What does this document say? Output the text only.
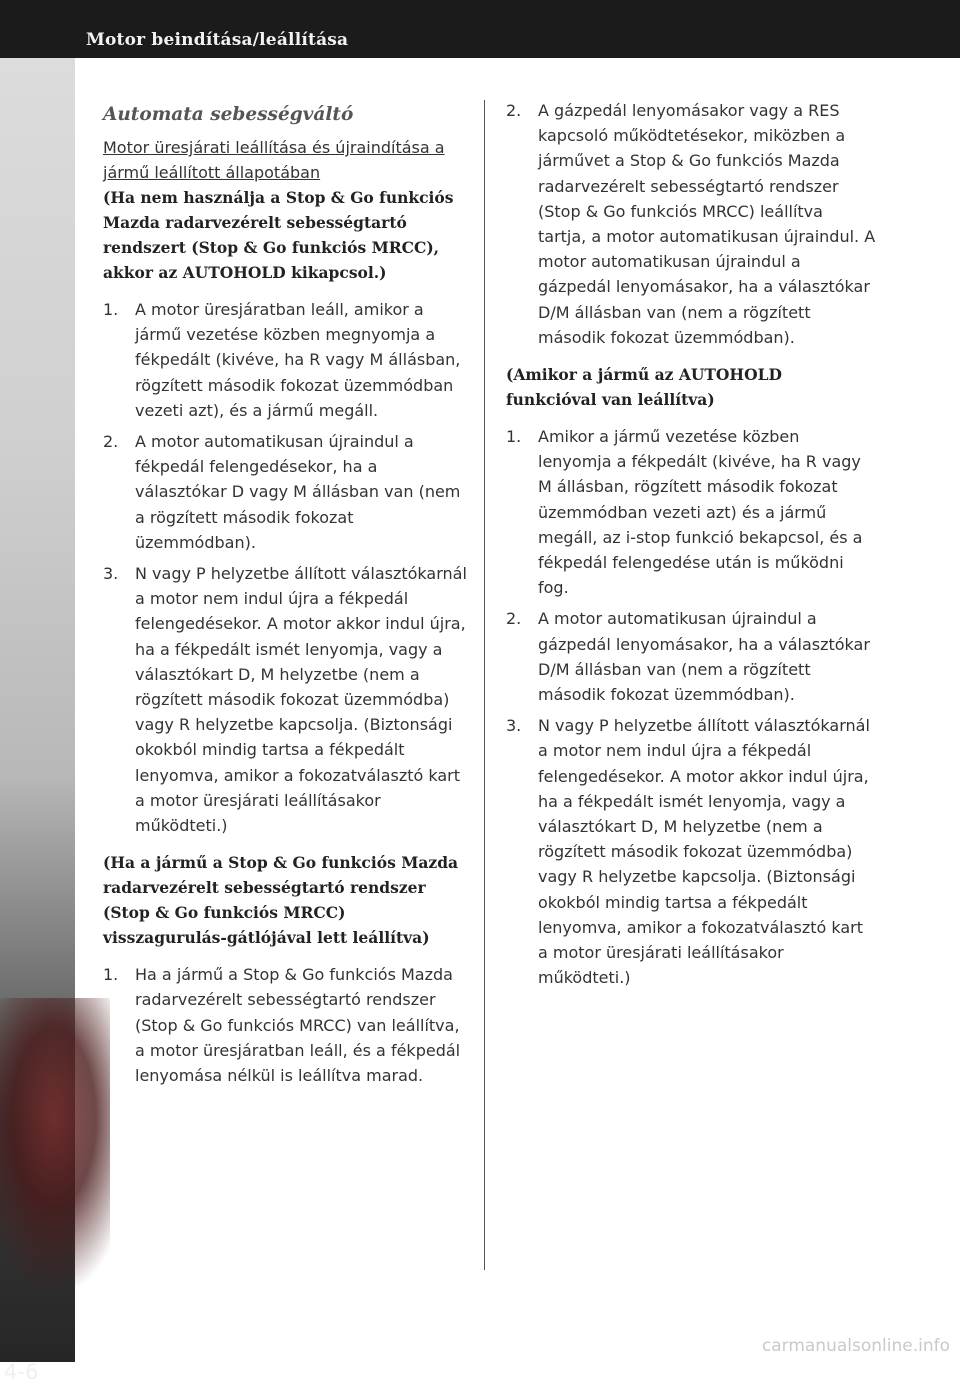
Motor beindítása/leállítása
4-6
Automata sebességváltó
Motor üresjárati leállítása és újraindítása a jármű leállított állapotában
(Ha nem használja a Stop & Go funkciós Mazda radarvezérelt sebességtartó rendszert (Stop & Go funkciós MRCC), akkor az AUTOHOLD kikapcsol.)
1. A motor üresjáratban leáll, amikor a jármű vezetése közben megnyomja a fékpedált (kivéve, ha R vagy M állásban, rögzített második fokozat üzemmódban vezeti azt), és a jármű megáll.
2. A motor automatikusan újraindul a fékpedál felengedésekor, ha a választókar D vagy M állásban van (nem a rögzített második fokozat üzemmódban).
3. N vagy P helyzetbe állított választókarnál a motor nem indul újra a fékpedál felengedésekor. A motor akkor indul újra, ha a fékpedált ismét lenyomja, vagy a választókart D, M helyzetbe (nem a rögzített második fokozat üzemmódba) vagy R helyzetbe kapcsolja. (Biztonsági okokból mindig tartsa a fékpedált lenyomva, amikor a fokozatválasztó kart a motor üresjárati leállításakor működteti.)
(Ha a jármű a Stop & Go funkciós Mazda radarvezérelt sebességtartó rendszer (Stop & Go funkciós MRCC) visszagurulás-gátlójával lett leállítva)
1. Ha a jármű a Stop & Go funkciós Mazda radarvezérelt sebességtartó rendszer (Stop & Go funkciós MRCC) van leállítva, a motor üresjáratban leáll, és a fékpedál lenyomása nélkül is leállítva marad.
2. A gázpedál lenyomásakor vagy a RES kapcsoló működtetésekor, miközben a járművet a Stop & Go funkciós Mazda radarvezérelt sebességtartó rendszer (Stop & Go funkciós MRCC) leállítva tartja, a motor automatikusan újraindul. A motor automatikusan újraindul a gázpedál lenyomásakor, ha a választókar D/M állásban van (nem a rögzített második fokozat üzemmódban).
(Amikor a jármű az AUTOHOLD funkcióval van leállítva)
1. Amikor a jármű vezetése közben lenyomja a fékpedált (kivéve, ha R vagy M állásban, rögzített második fokozat üzemmódban vezeti azt) és a jármű megáll, az i-stop funkció bekapcsol, és a fékpedál felengedése után is működni fog.
2. A motor automatikusan újraindul a gázpedál lenyomásakor, ha a választókar D/M állásban van (nem a rögzített második fokozat üzemmódban).
3. N vagy P helyzetbe állított választókarnál a motor nem indul újra a fékpedál felengedésekor. A motor akkor indul újra, ha a fékpedált ismét lenyomja, vagy a választókart D, M helyzetbe (nem a rögzített második fokozat üzemmódba) vagy R helyzetbe kapcsolja. (Biztonsági okokból mindig tartsa a fékpedált lenyomva, amikor a fokozatválasztó kart a motor üresjárati leállításakor működteti.)
carmanualsonline.info
